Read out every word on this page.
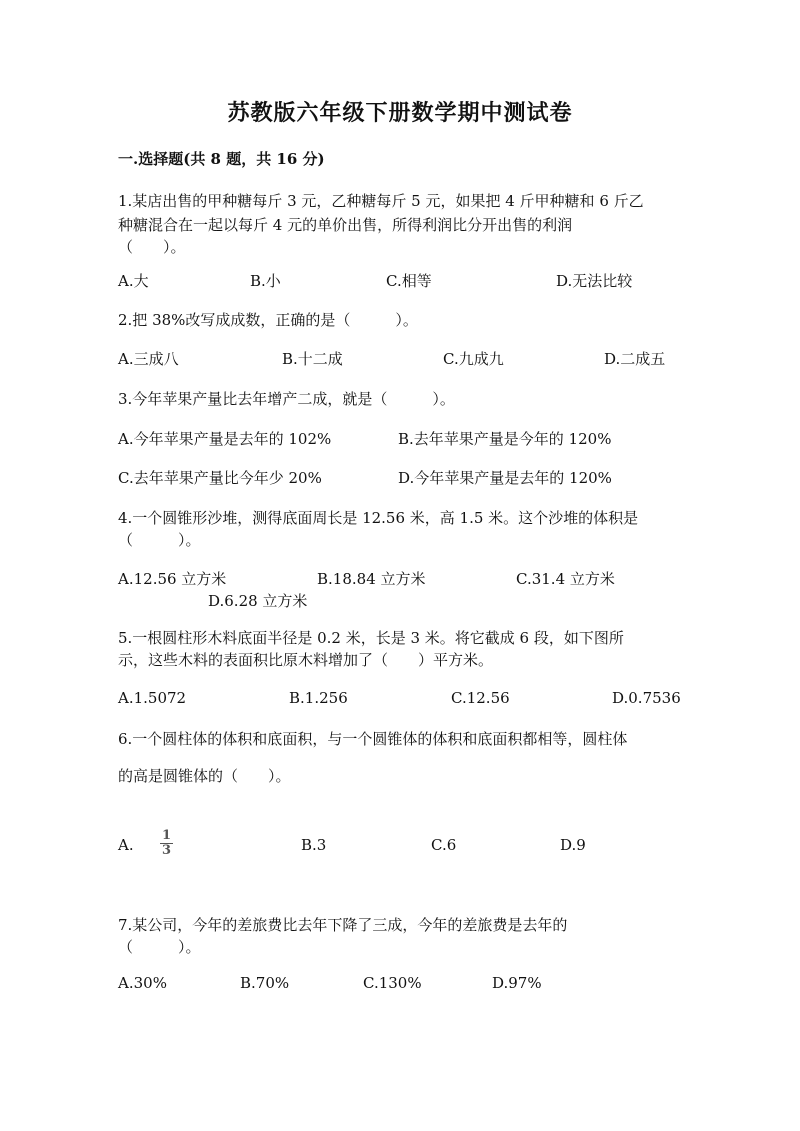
苏教版六年级下册数学期中测试卷
一.选择题(共 8 题，共 16 分)
1.某店出售的甲种糖每斤 3 元，乙种糖每斤 5 元，如果把 4 斤甲种糖和 6 斤乙
种糖混合在一起以每斤 4 元的单价出售，所得利润比分开出售的利润
（　　）。
A.大	B.小	C.相等	D.无法比较
2.把 38%改写成成数，正确的是（　　　）。
A.三成八	B.十二成	C.九成九	D.二成五
3.今年苹果产量比去年增产二成，就是（　　　）。
A.今年苹果产量是去年的 102%	B.去年苹果产量是今年的 120%
C.去年苹果产量比今年少 20%	D.今年苹果产量是去年的 120%
4.一个圆锥形沙堆，测得底面周长是 12.56 米，高 1.5 米。这个沙堆的体积是
（　　　）。
A.12.56 立方米	B.18.84 立方米	C.31.4 立方米
D.6.28 立方米
5.一根圆柱形木料底面半径是 0.2 米，长是 3 米。将它截成 6 段，如下图所
示，这些木料的表面积比原木料增加了（　　）平方米。
A.1.5072	B.1.256	C.12.56	D.0.7536
6.一个圆柱体的体积和底面积，与一个圆锥体的体积和底面积都相等，圆柱体
的高是圆锥体的（　　）。
A. $\frac{1}{3}$	B.3	C.6	D.9
7.某公司，今年的差旅费比去年下降了三成，今年的差旅费是去年的
（　　　）。
A.30%	B.70%	C.130%	D.97%
